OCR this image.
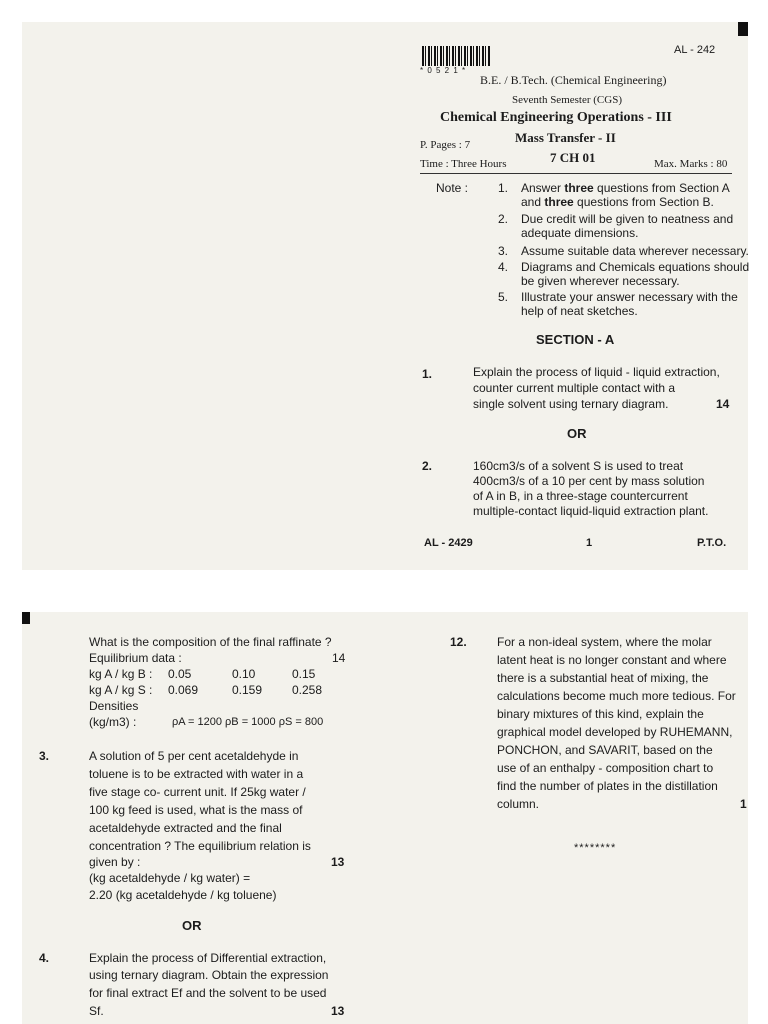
* 0 5 2 1 *
AL - 242
B.E. / B.Tech. (Chemical Engineering)
Seventh Semester (CGS)
Chemical Engineering Operations - III
P. Pages : 7	Mass Transfer - II
Time : Three Hours	7 CH 01	Max. Marks : 80
Note : 1. Answer three questions from Section A and three questions from Section B.
2. Due credit will be given to neatness and adequate dimensions.
3. Assume suitable data wherever necessary.
4. Diagrams and Chemicals equations should be given wherever necessary.
5. Illustrate your answer necessary with the help of neat sketches.
SECTION - A
1.	Explain the process of liquid - liquid extraction,
counter current multiple contact with a
single solvent using ternary diagram.	14
OR
2.	160cm3/s of a solvent S is used to treat
400cm3/s of a 10 per cent by mass solution
of A in B, in a three-stage countercurrent
multiple-contact liquid-liquid extraction plant.
AL - 2429	1	P.T.O.
What is the composition of the final raffinate ?
Equilibrium data :	14
kg A / kg B : 0.05	0.10	0.15
kg A / kg S : 0.069	0.159 0.258
Densities
(kg/m3) :	ρA = 1200 ρB = 1000 ρS = 800
3.	A solution of 5 per cent acetaldehyde in
toluene is to be extracted with water in a
five stage co- current unit. If 25kg water /
100 kg feed is used, what is the mass of
acetaldehyde extracted and the final
concentration ? The equilibrium relation is
given by :	13
(kg acetaldehyde / kg water) =
2.20 (kg acetaldehyde / kg toluene)
OR
4.	Explain the process of Differential extraction,
using ternary diagram. Obtain the expression
for final extract Ef and the solvent to be used
Sf.	13
12.	For a non-ideal system, where the molar
latent heat is no longer constant and where
there is a substantial heat of mixing, the
calculations become much more tedious. For
binary mixtures of this kind, explain the
graphical model developed by RUHEMANN,
PONCHON, and SAVARIT, based on the
use of an enthalpy - composition chart to
find the number of plates in the distillation
column.	1
********
